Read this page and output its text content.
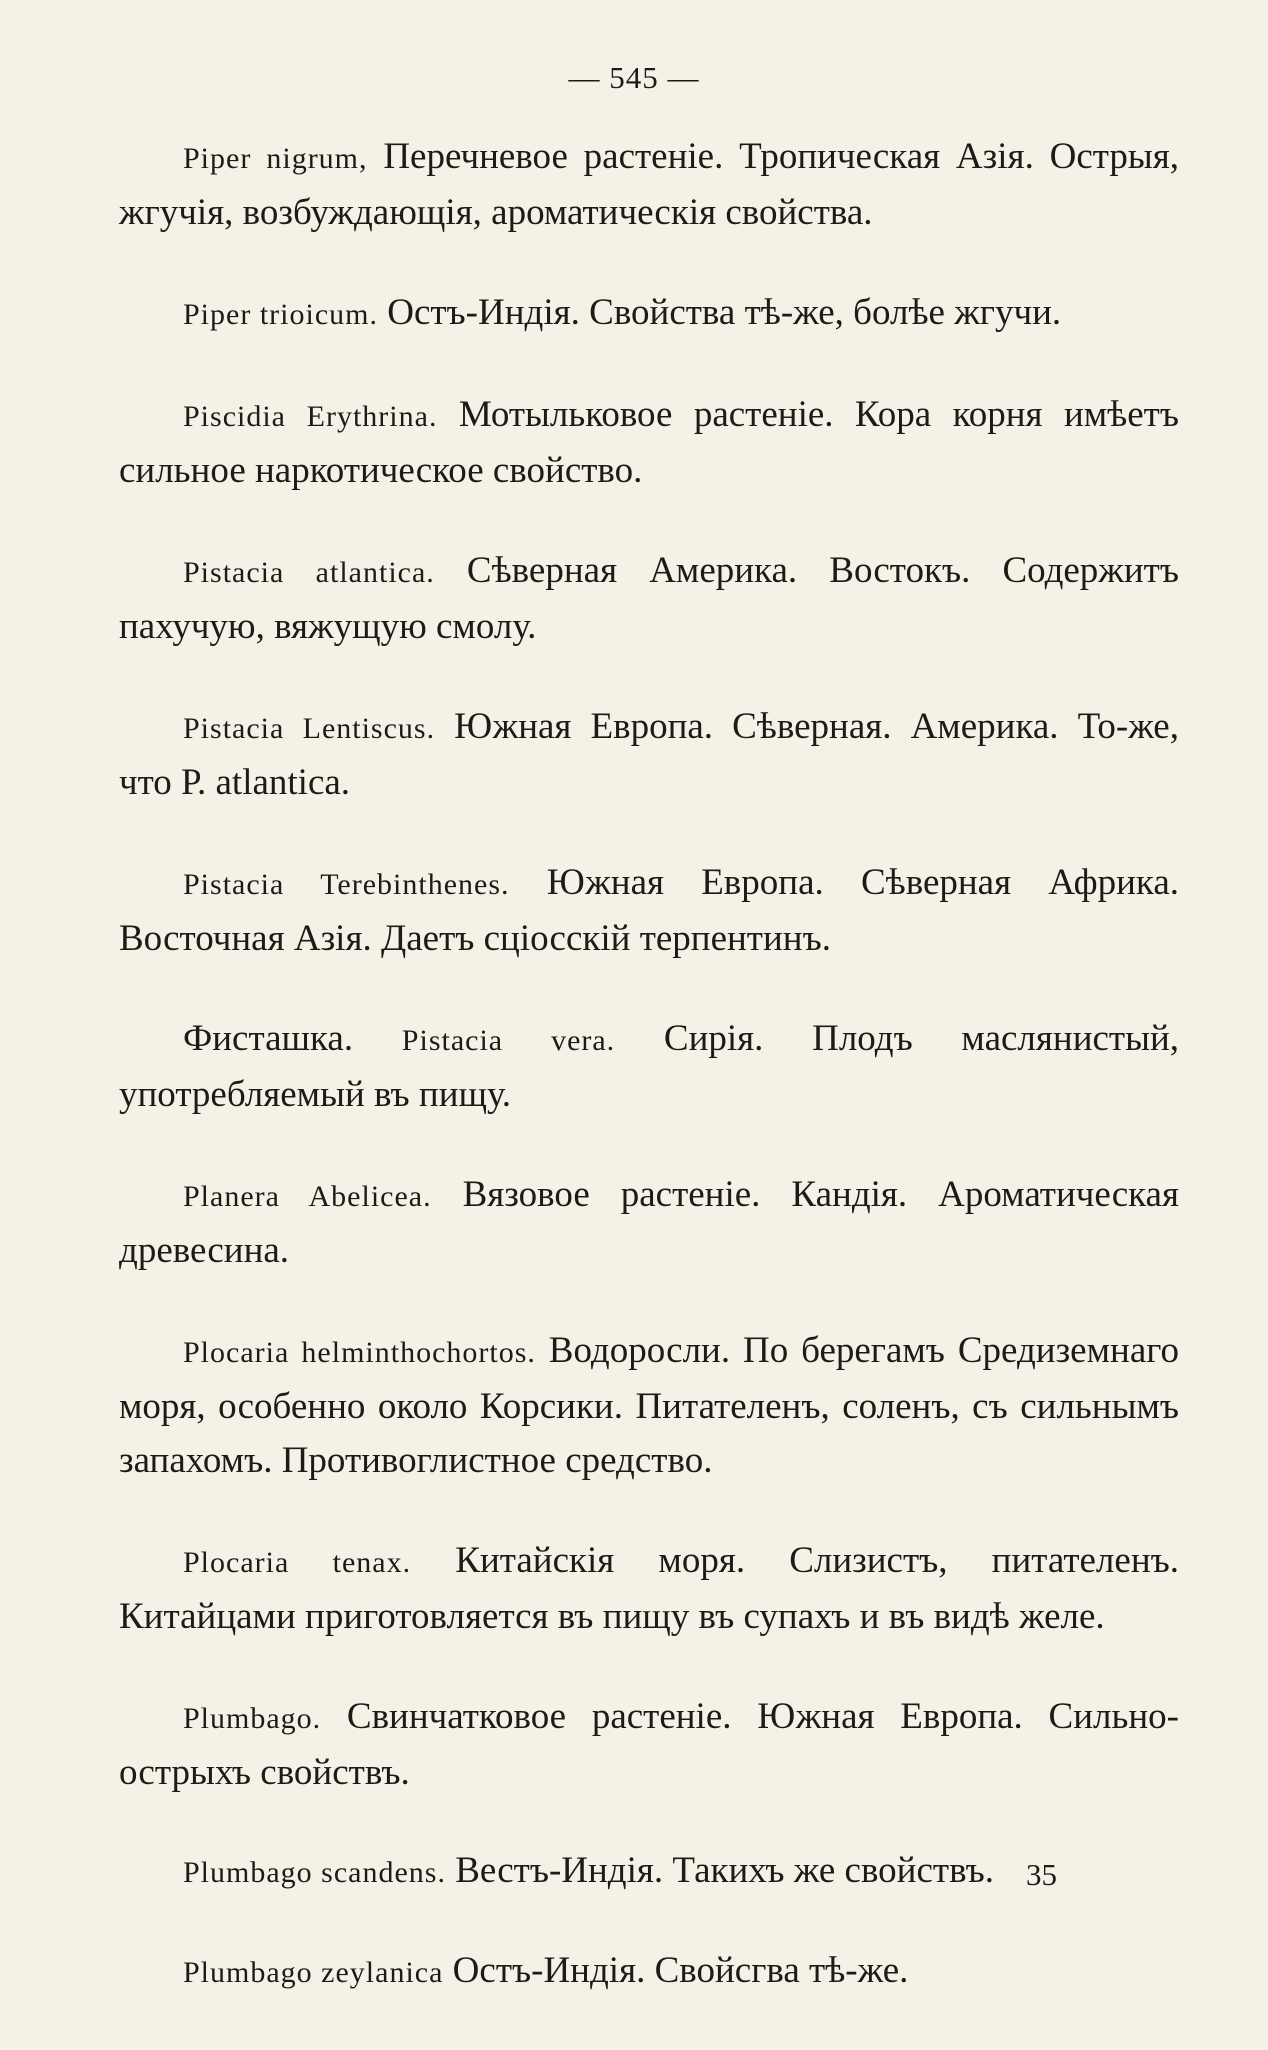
— 545 —

Piper nigrum, Перечневое растеніе. Тропическая Азія. Острыя, жгучія, возбуждающія, ароматическія свойства.

Piper trioicum. Остъ-Индія. Свойства тѣ-же, болѣе жгучи.

Piscidia Erythrina. Мотыльковое растеніе. Кора корня имѣетъ сильное наркотическое свойство.

Pistacia atlantica. Сѣверная Америка. Востокъ. Содержитъ пахучую, вяжущую смолу.

Pistacia Lentiscus. Южная Европа. Сѣверная. Америка. То-же, что Р. atlantica.

Pistacia Terebinthenes. Южная Европа. Сѣверная Африка. Восточная Азія. Даетъ сціосскій терпентинъ.

Фисташка. Pistacia vera. Сирія. Плодъ маслянистый, употребляемый въ пищу.

Planera Abelicea. Вязовое растеніе. Кандія. Ароматическая древесина.

Plocaria helminthochortos. Водоросли. По берегамъ Средиземнаго моря, особенно около Корсики. Питателенъ, соленъ, съ сильнымъ запахомъ. Противоглистное средство.

Plocaria tenax. Китайскія моря. Слизистъ, питателенъ. Китайцами приготовляется въ пищу въ супахъ и въ видѣ желе.

Plumbago. Свинчатковое растеніе. Южная Европа. Сильно-острыхъ свойствъ.

Plumbago scandens. Вестъ-Индія. Такихъ же свойствъ.

Plumbago zeylanica Остъ-Индія. Свойсгва тѣ-же.

35
